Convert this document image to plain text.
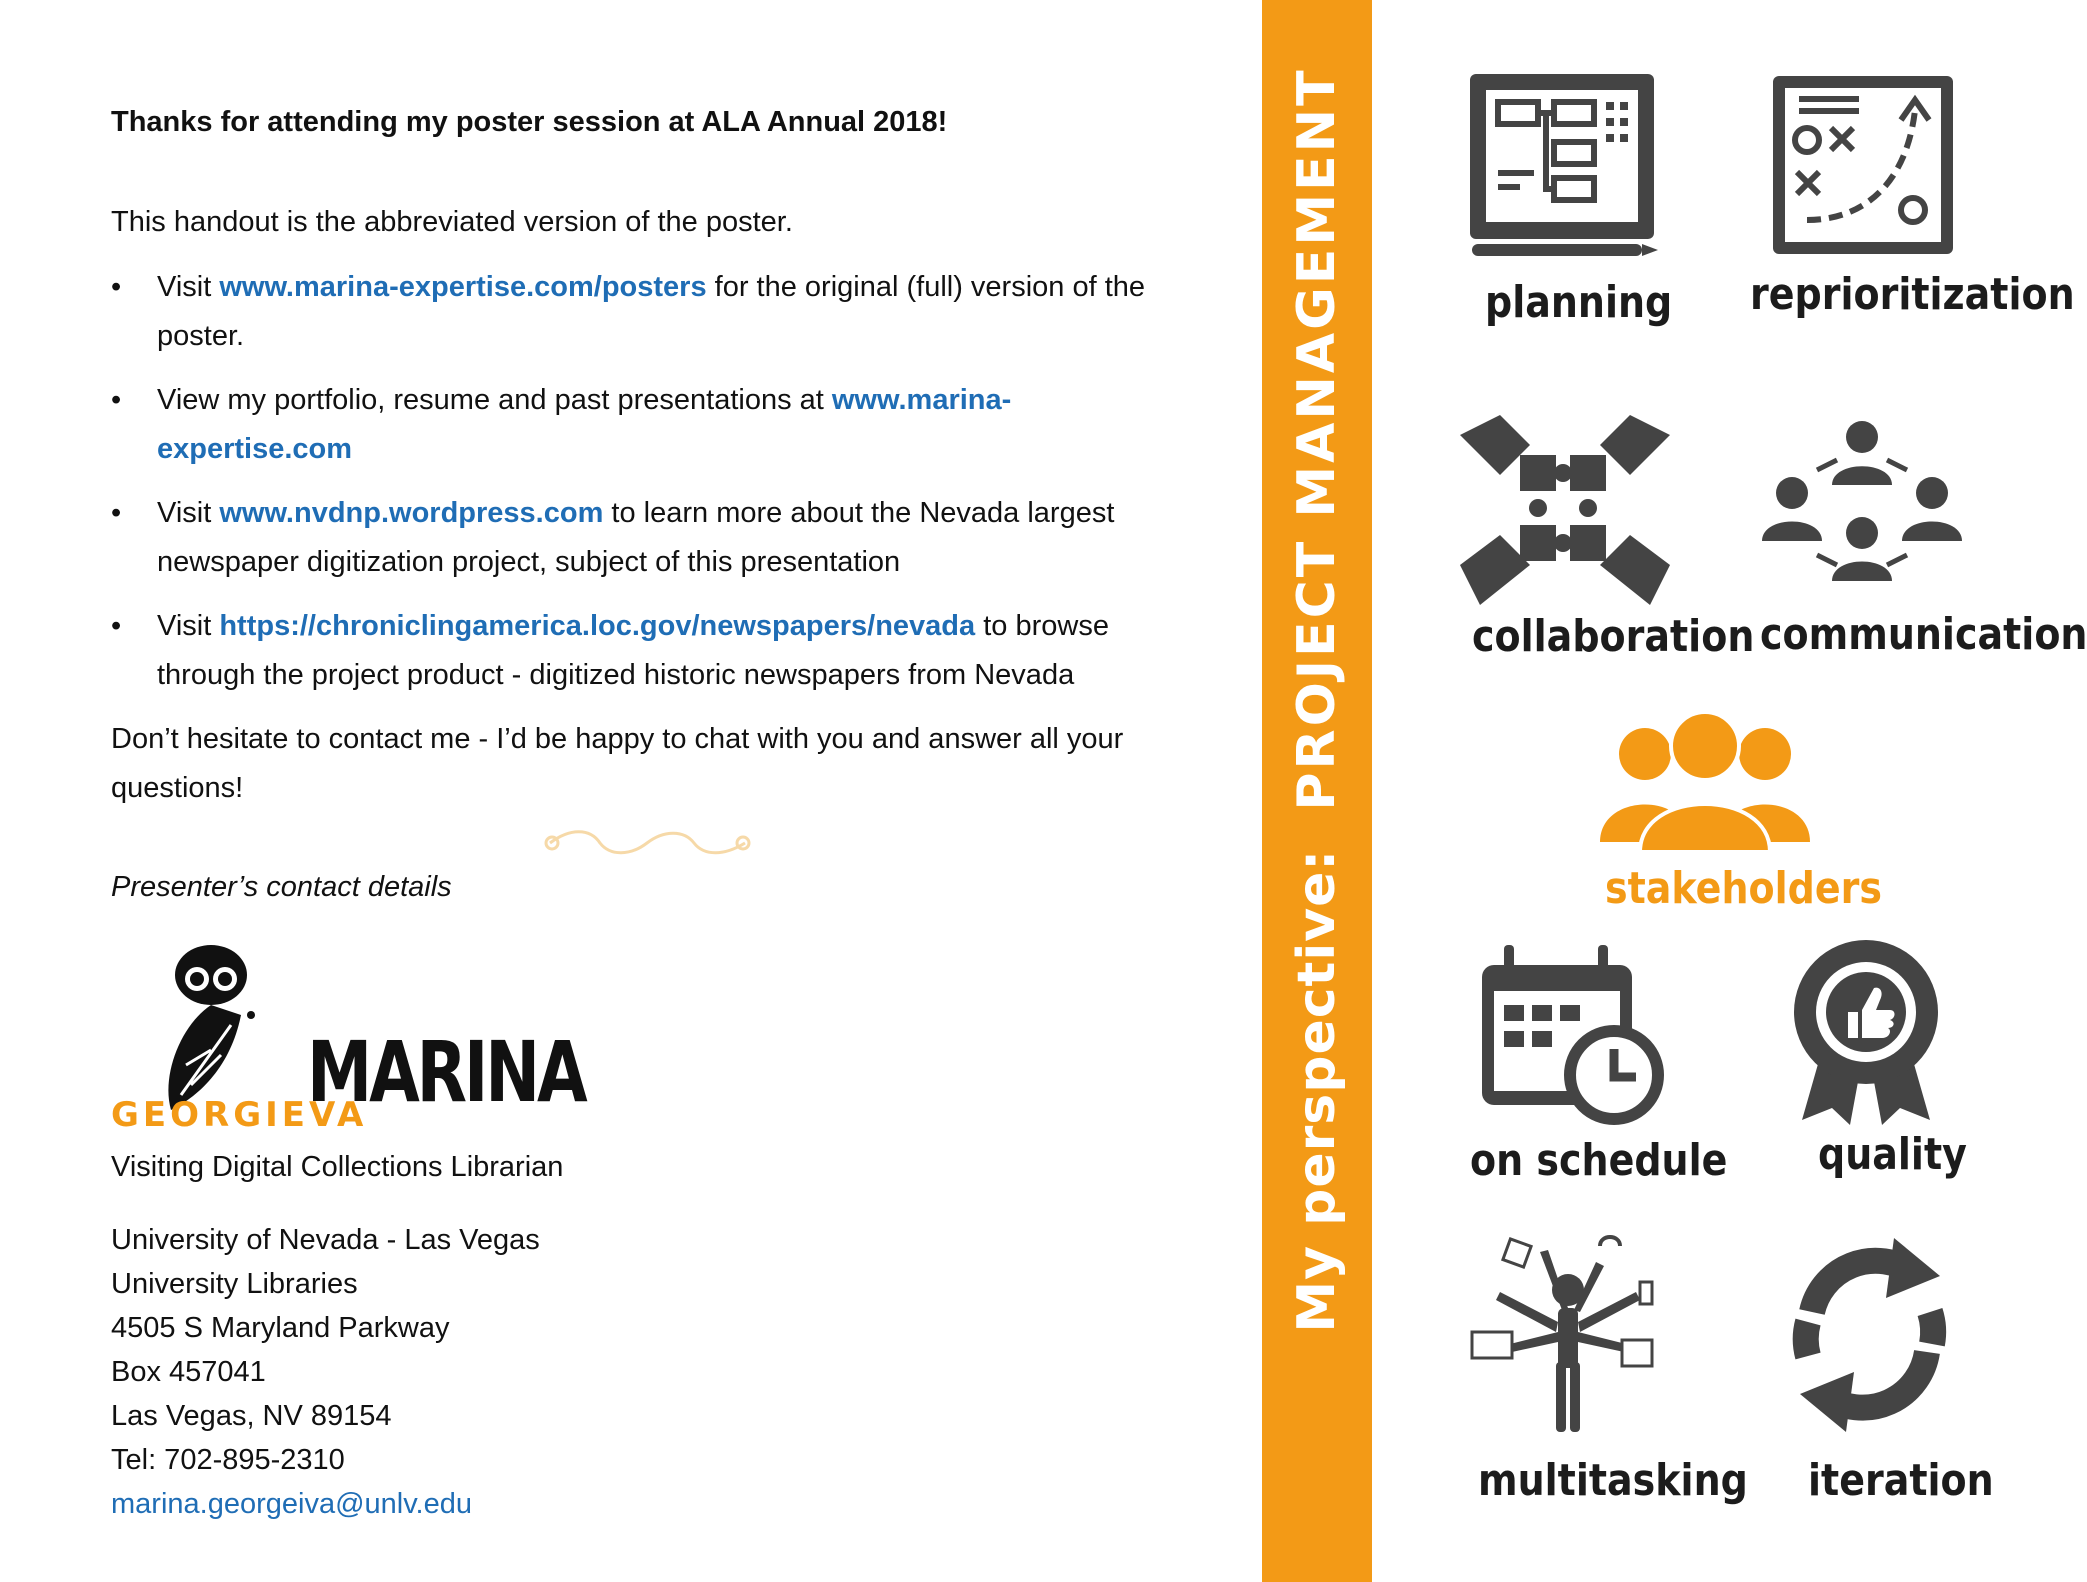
Thanks for attending my poster session at ALA Annual 2018!

This handout is the abbreviated version of the poster.

• Visit www.marina-expertise.com/posters for the original (full) version of the poster.

• View my portfolio, resume and past presentations at www.marina-expertise.com

• Visit www.nvdnp.wordpress.com to learn more about the Nevada largest newspaper digitization project, subject of this presentation

• Visit https://chroniclingamerica.loc.gov/newspapers/nevada to browse through the project product - digitized historic newspapers from Nevada

Don’t hesitate to contact me - I’d be happy to chat with you and answer all your questions!

Presenter’s contact details

MARINA
GEORGIEVA

Visiting Digital Collections Librarian

University of Nevada - Las Vegas

University Libraries

4505 S Maryland Parkway

Box 457041

Las Vegas, NV 89154

Tel: 702-895-2310

marina.georgeiva@unlv.edu

My perspective:  PROJECT MANAGEMENT	planning reprioritization
collaboration communication
stakeholders
on schedule quality
multitasking iteration
